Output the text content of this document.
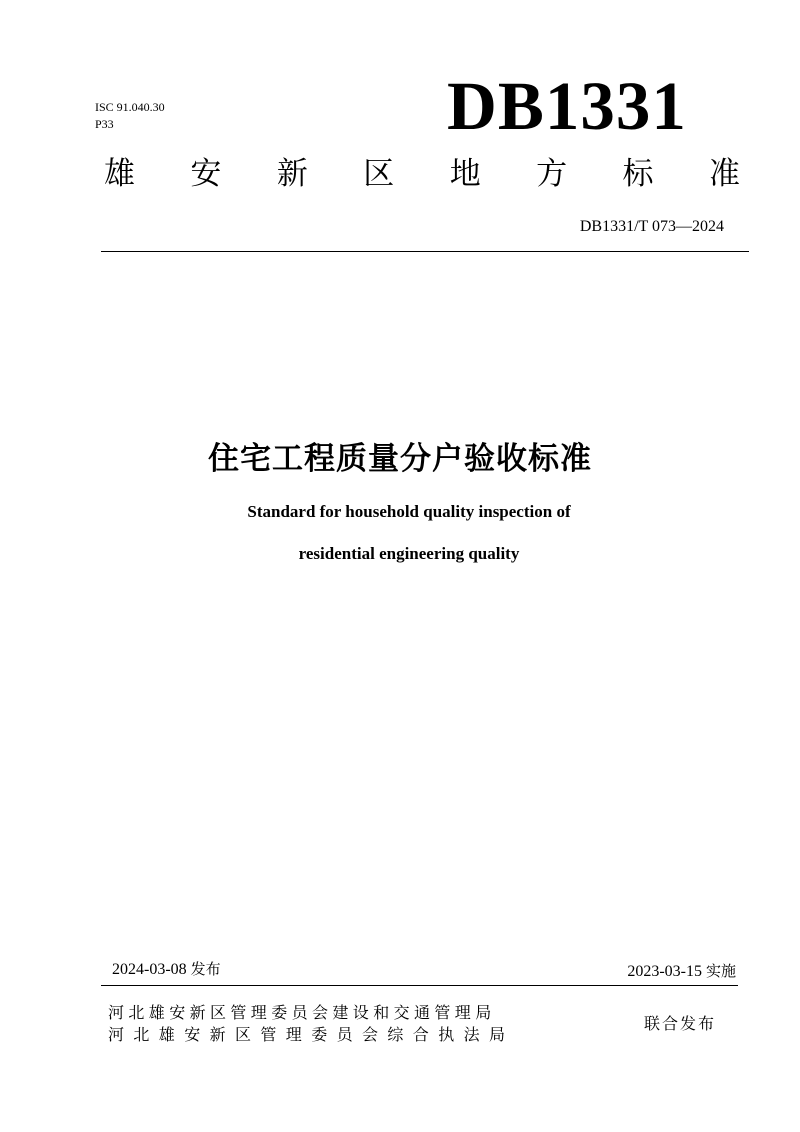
ISC 91.040.30
P33	DB1331
雄 安 新 区 地 方 标 准
DB1331/T 073—2024
住宅工程质量分户验收标准
Standard for household quality inspection of
residential engineering quality
2024-03-08 发布	2023-03-15 实施
河北雄安新区管理委员会建设和交通管理局
河北雄安新区管理委员会综合执法局
联合发布
